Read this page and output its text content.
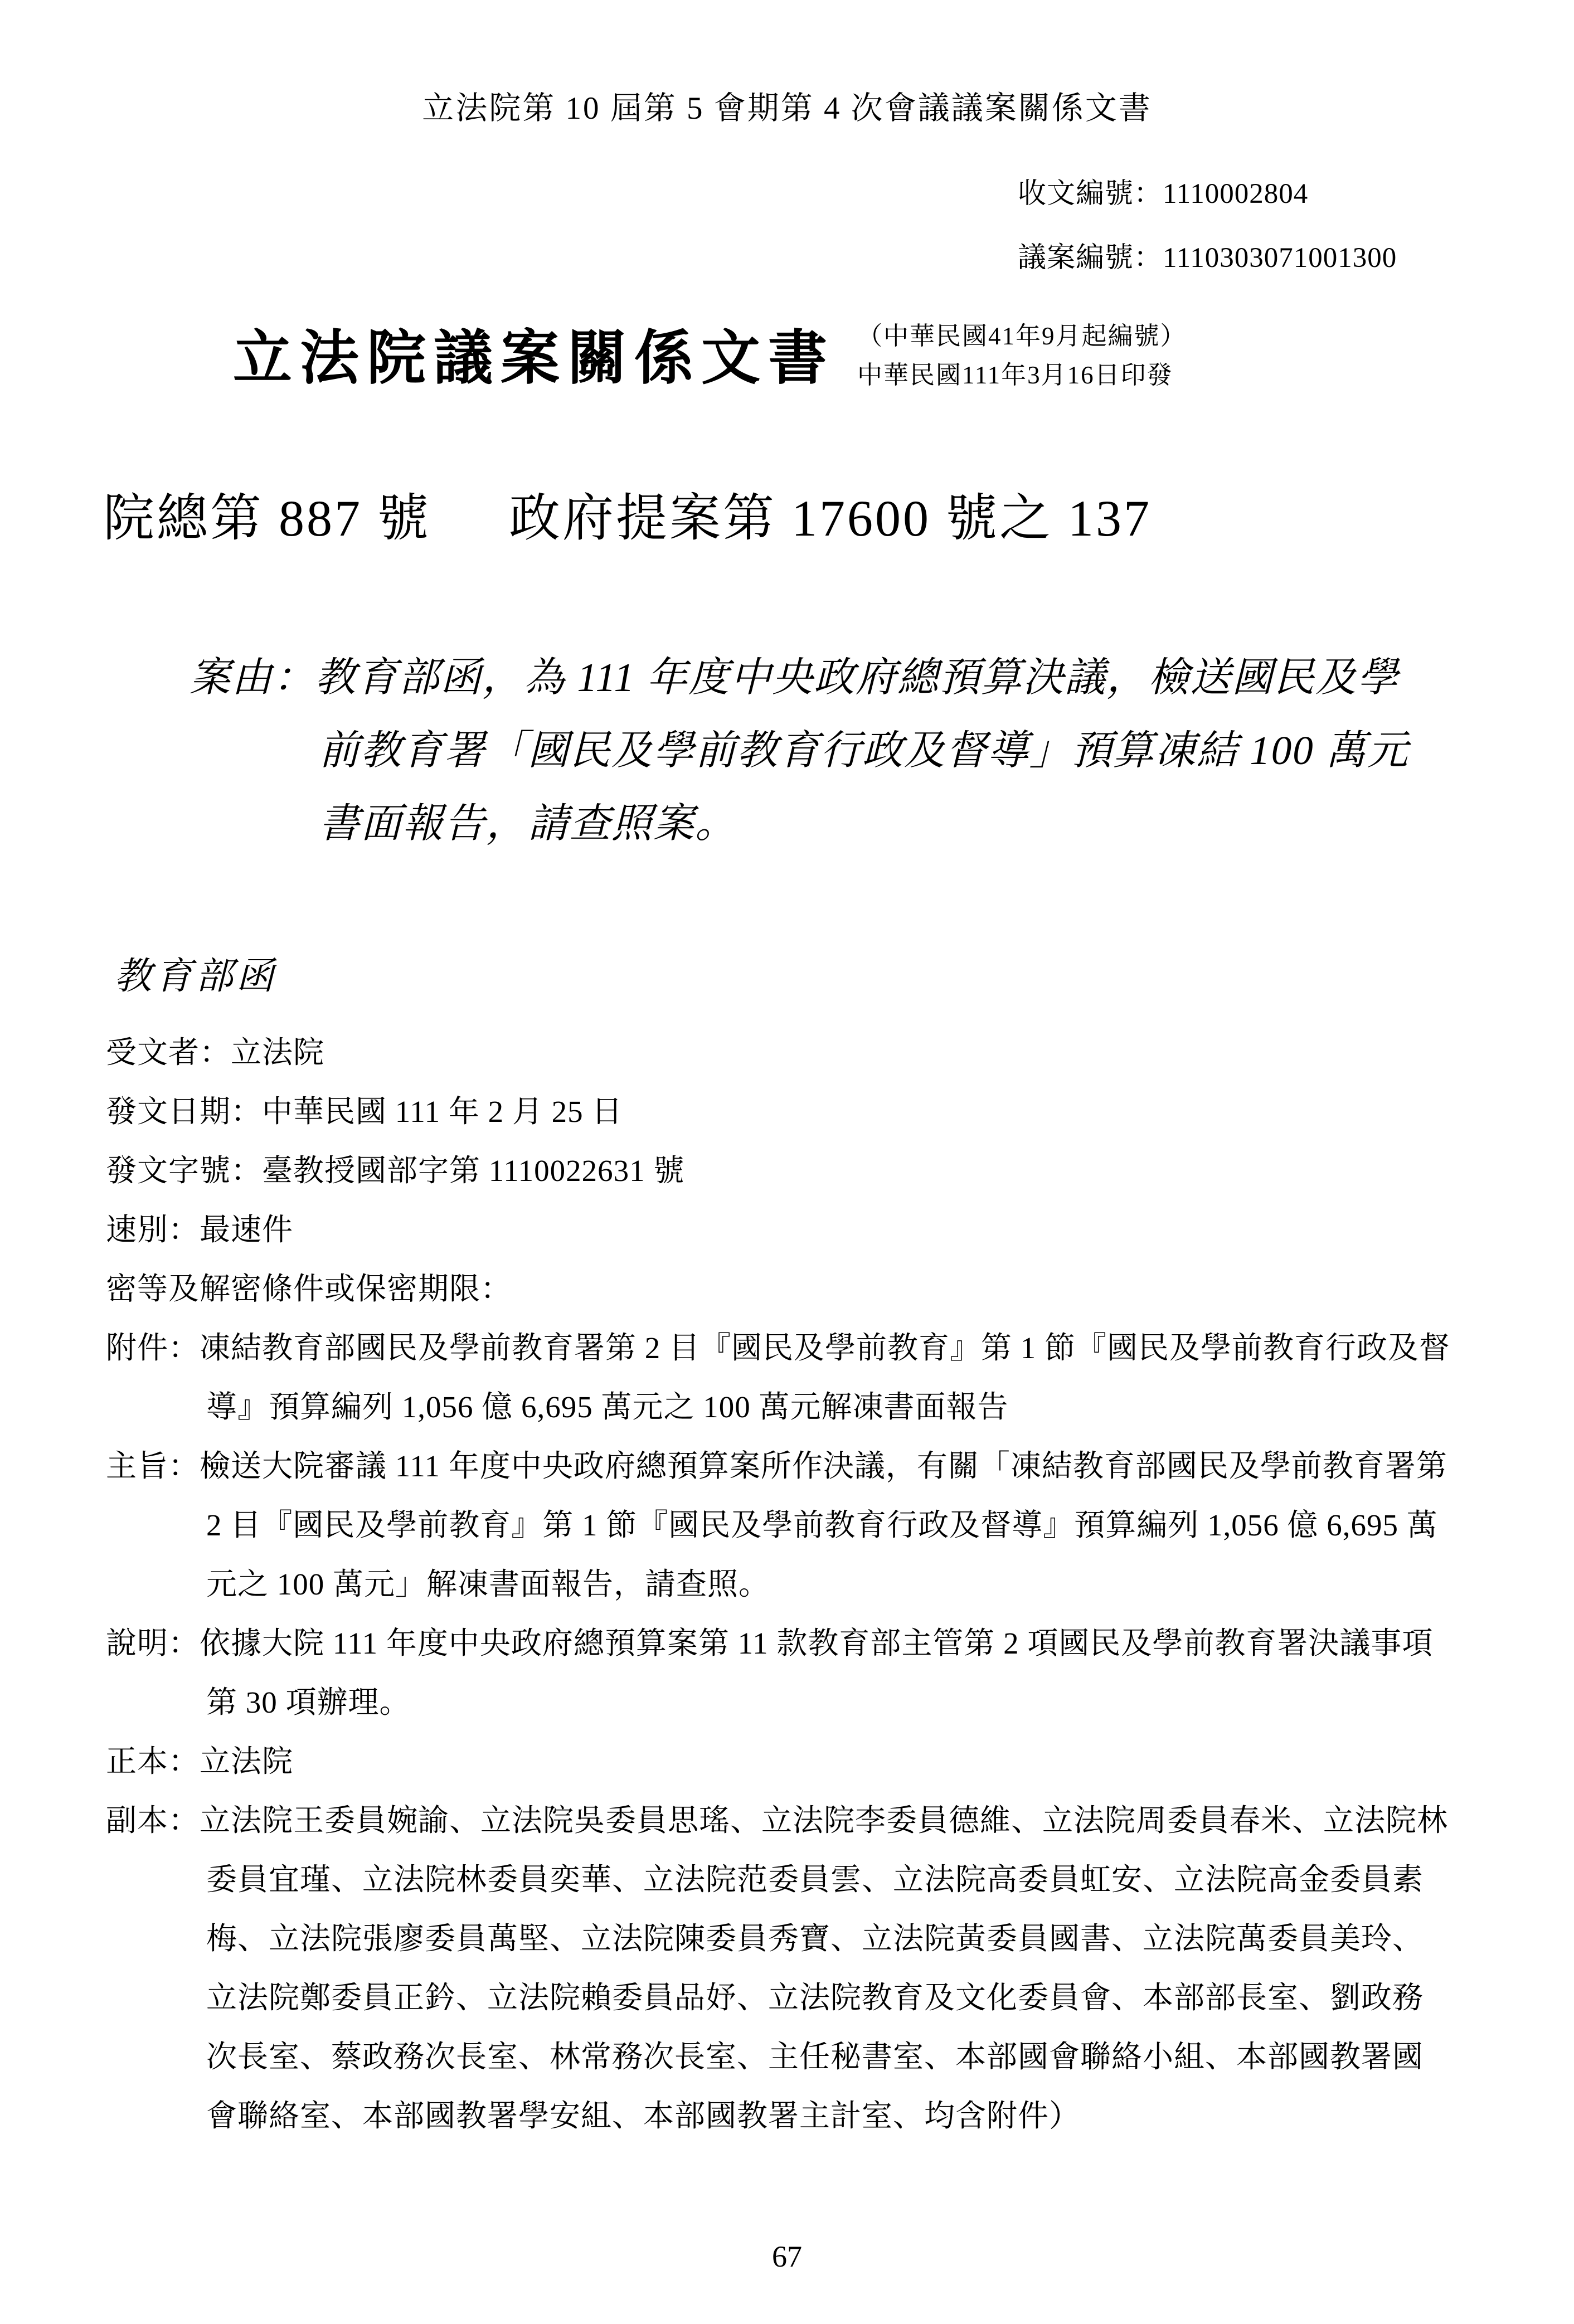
立法院第 10 屆第 5 會期第 4 次會議議案關係文書
收文編號：1110002804
議案編號：1110303071001300
立法院議案關係文書 （中華民國41年9月起編號）
中華民國111年3月16日印發
院總第 887 號 政府提案第 17600 號之 137
案由：教育部函，為 111 年度中央政府總預算決議，檢送國民及學
前教育署「國民及學前教育行政及督導」預算凍結 100 萬元
書面報告，請查照案。
教育部函
受文者：立法院
發文日期：中華民國 111 年 2 月 25 日
發文字號：臺教授國部字第 1110022631 號
速別：最速件
密等及解密條件或保密期限：
附件：凍結教育部國民及學前教育署第 2 目『國民及學前教育』第 1 節『國民及學前教育行政及督
導』預算編列 1,056 億 6,695 萬元之 100 萬元解凍書面報告
主旨：檢送大院審議 111 年度中央政府總預算案所作決議，有關「凍結教育部國民及學前教育署第
2 目『國民及學前教育』第 1 節『國民及學前教育行政及督導』預算編列 1,056 億 6,695 萬
元之 100 萬元」解凍書面報告，請查照。
說明：依據大院 111 年度中央政府總預算案第 11 款教育部主管第 2 項國民及學前教育署決議事項
第 30 項辦理。
正本：立法院
副本：立法院王委員婉諭、立法院吳委員思瑤、立法院李委員德維、立法院周委員春米、立法院林
委員宜瑾、立法院林委員奕華、立法院范委員雲、立法院高委員虹安、立法院高金委員素
梅、立法院張廖委員萬堅、立法院陳委員秀寶、立法院黃委員國書、立法院萬委員美玲、
立法院鄭委員正鈐、立法院賴委員品妤、立法院教育及文化委員會、本部部長室、劉政務
次長室、蔡政務次長室、林常務次長室、主任秘書室、本部國會聯絡小組、本部國教署國
會聯絡室、本部國教署學安組、本部國教署主計室、均含附件）
67
